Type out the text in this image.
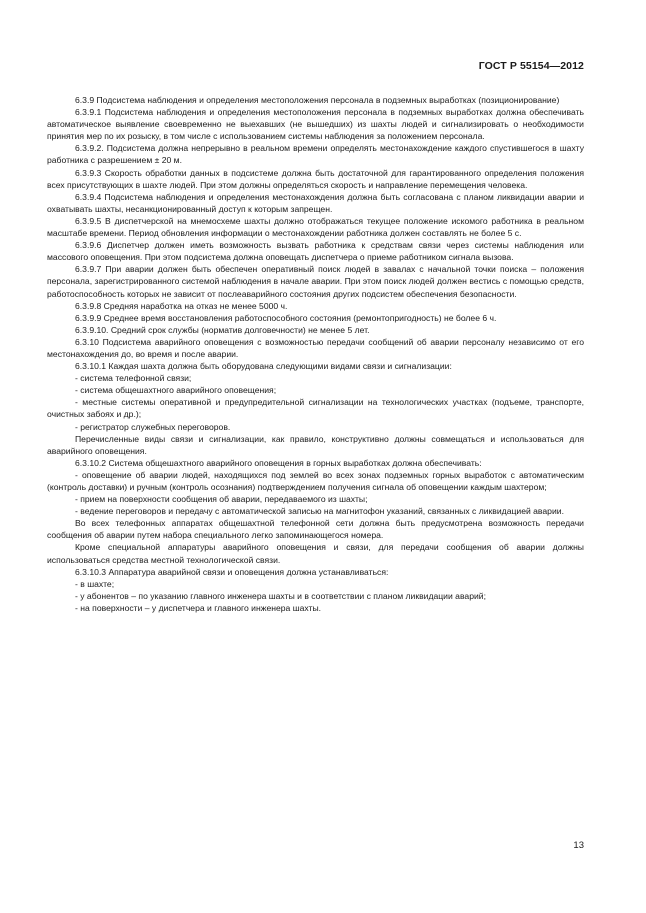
ГОСТ Р 55154—2012

6.3.9 Подсистема наблюдения и определения местоположения персонала в подземных выработках (позиционирование)

6.3.9.1 Подсистема наблюдения и определения местоположения персонала в подземных выработках должна обеспечивать автоматическое выявление своевременно не выехавших (не вышедших) из шахты людей и сигнализировать о необходимости принятия мер по их розыску, в том числе с использованием системы наблюдения за положением персонала.

6.3.9.2. Подсистема должна непрерывно в реальном времени определять местонахождение каждого спустившегося в шахту работника с разрешением ± 20 м.

6.3.9.3 Скорость обработки данных в подсистеме должна быть достаточной для гарантированного определения положения всех присутствующих в шахте людей. При этом должны определяться скорость и направление перемещения человека.

6.3.9.4 Подсистема наблюдения и определения местонахождения должна быть согласована с планом ликвидации аварии и охватывать шахты, несанкционированный доступ к которым запрещен.

6.3.9.5 В диспетчерской на мнемосхеме шахты должно отображаться текущее положение искомого работника в реальном масштабе времени. Период обновления информации о местонахождении работника должен составлять не более 5 с.

6.3.9.6 Диспетчер должен иметь возможность вызвать работника к средствам связи через системы наблюдения или массового оповещения. При этом подсистема должна оповещать диспетчера о приеме работником сигнала вызова.

6.3.9.7 При аварии должен быть обеспечен оперативный поиск людей в завалах с начальной точки поиска – положения персонала, зарегистрированного системой наблюдения в начале аварии. При этом поиск людей должен вестись с помощью средств, работоспособность которых не зависит от послеаварийного состояния других подсистем обеспечения безопасности.

6.3.9.8 Средняя наработка на отказ не менее 5000 ч.

6.3.9.9 Среднее время восстановления работоспособного состояния (ремонтопригодность) не более 6 ч.

6.3.9.10. Средний срок службы (норматив долговечности) не менее 5 лет.

6.3.10 Подсистема аварийного оповещения с возможностью передачи сообщений об аварии персоналу независимо от его местонахождения до, во время и после аварии.

6.3.10.1 Каждая шахта должна быть оборудована следующими видами связи и сигнализации:

- система телефонной связи;

- система общешахтного аварийного оповещения;

- местные системы оперативной и предупредительной сигнализации на технологических участках (подъеме, транспорте, очистных забоях и др.);

- регистратор служебных переговоров.

Перечисленные виды связи и сигнализации, как правило, конструктивно должны совмещаться и использоваться для аварийного оповещения.

6.3.10.2 Система общешахтного аварийного оповещения в горных выработках должна обеспечивать:

- оповещение об аварии людей, находящихся под землей во всех зонах подземных горных выработок с автоматическим (контроль доставки) и ручным (контроль осознания) подтверждением получения сигнала об оповещении каждым шахтером;

- прием на поверхности сообщения об аварии, передаваемого из шахты;

- ведение переговоров и передачу с автоматической записью на магнитофон указаний, связанных с ликвидацией аварии.

Во всех телефонных аппаратах общешахтной телефонной сети должна быть предусмотрена возможность передачи сообщения об аварии путем набора специального легко запоминающегося номера.

Кроме специальной аппаратуры аварийного оповещения и связи, для передачи сообщения об аварии должны использоваться средства местной технологической связи.

6.3.10.3 Аппаратура аварийной связи и оповещения должна устанавливаться:

- в шахте;

- у абонентов – по указанию главного инженера шахты и в соответствии с планом ликвидации аварий;

- на поверхности – у диспетчера и главного инженера шахты.

13
